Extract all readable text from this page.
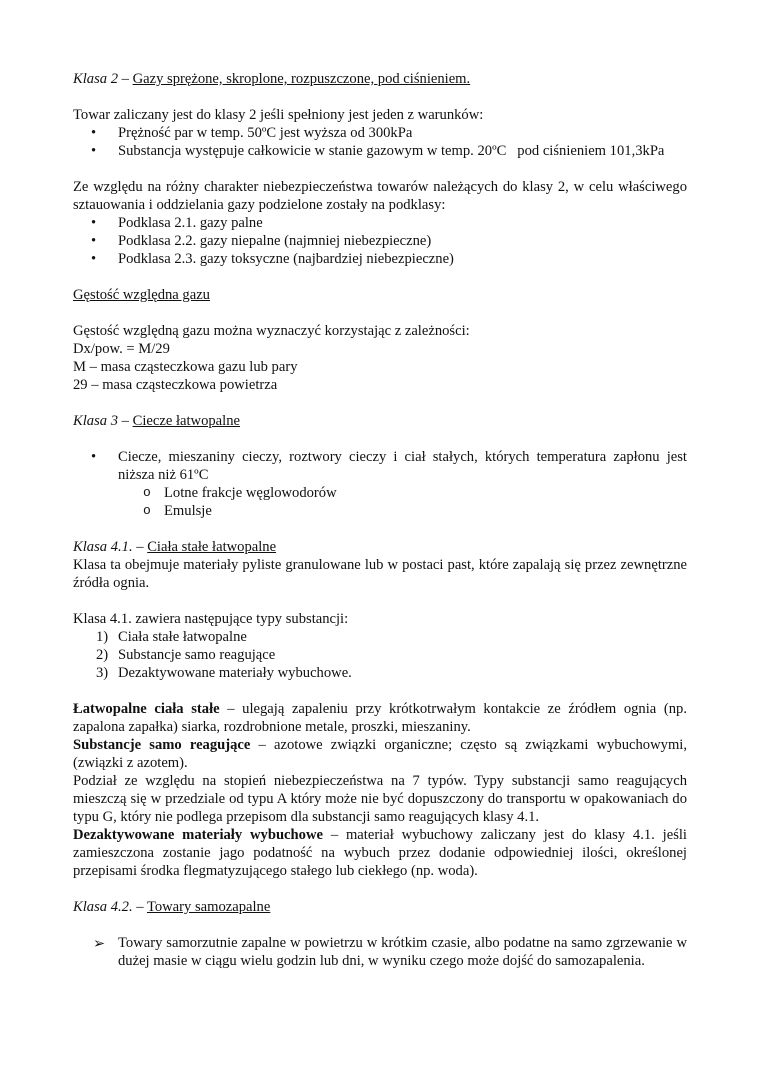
Klasa 2 – Gazy sprężone, skroplone, rozpuszczone, pod ciśnieniem.

Towar zaliczany jest do klasy 2 jeśli spełniony jest jeden z warunków:

• Prężność par w temp. 50ºC jest wyższa od 300kPa
• Substancja występuje całkowicie w stanie gazowym w temp. 20ºC   pod ciśnieniem 101,3kPa

Ze względu na różny charakter niebezpieczeństwa towarów należących do klasy 2, w celu właściwego sztauowania i oddzielania gazy podzielone zostały na podklasy:

• Podklasa 2.1. gazy palne
• Podklasa 2.2. gazy niepalne (najmniej niebezpieczne)
• Podklasa 2.3. gazy toksyczne (najbardziej niebezpieczne)

Gęstość względna gazu

Gęstość względną gazu można wyznaczyć korzystając z zależności:

Dx/pow. = M/29

M – masa cząsteczkowa gazu lub pary

29 – masa cząsteczkowa powietrza

Klasa 3 – Ciecze łatwopalne

• Ciecze, mieszaniny cieczy, roztwory cieczy i ciał stałych, których temperatura zapłonu jest niższa niż 61ºC
o Lotne frakcje węglowodorów
o Emulsje

Klasa 4.1. – Ciała stałe łatwopalne

Klasa ta obejmuje materiały pyliste granulowane lub w postaci past, które zapalają się przez zewnętrzne źródła ognia.

Klasa 4.1. zawiera następujące typy substancji:

1) Ciała stałe łatwopalne
2) Substancje samo reagujące
3) Dezaktywowane materiały wybuchowe.

Łatwopalne ciała stałe – ulegają zapaleniu przy krótkotrwałym kontakcie ze źródłem ognia (np. zapalona zapałka) siarka, rozdrobnione metale, proszki, mieszaniny.

Substancje samo reagujące – azotowe związki organiczne; często są związkami wybuchowymi, (związki z azotem).

Podział ze względu na stopień niebezpieczeństwa na 7 typów. Typy substancji samo reagujących mieszczą się w przedziale od typu A który może nie być dopuszczony do transportu w opakowaniach do typu G, który nie podlega przepisom dla substancji samo reagujących klasy 4.1.

Dezaktywowane materiały wybuchowe – materiał wybuchowy zaliczany jest do klasy 4.1. jeśli zamieszczona zostanie jago podatność na wybuch przez dodanie odpowiedniej ilości, określonej przepisami środka flegmatyzującego stałego lub ciekłego (np. woda).

Klasa 4.2. – Towary samozapalne

➢ Towary samorzutnie zapalne w powietrzu w krótkim czasie, albo podatne na samo zgrzewanie w dużej masie w ciągu wielu godzin lub dni, w wyniku czego może dojść do samozapalenia.
